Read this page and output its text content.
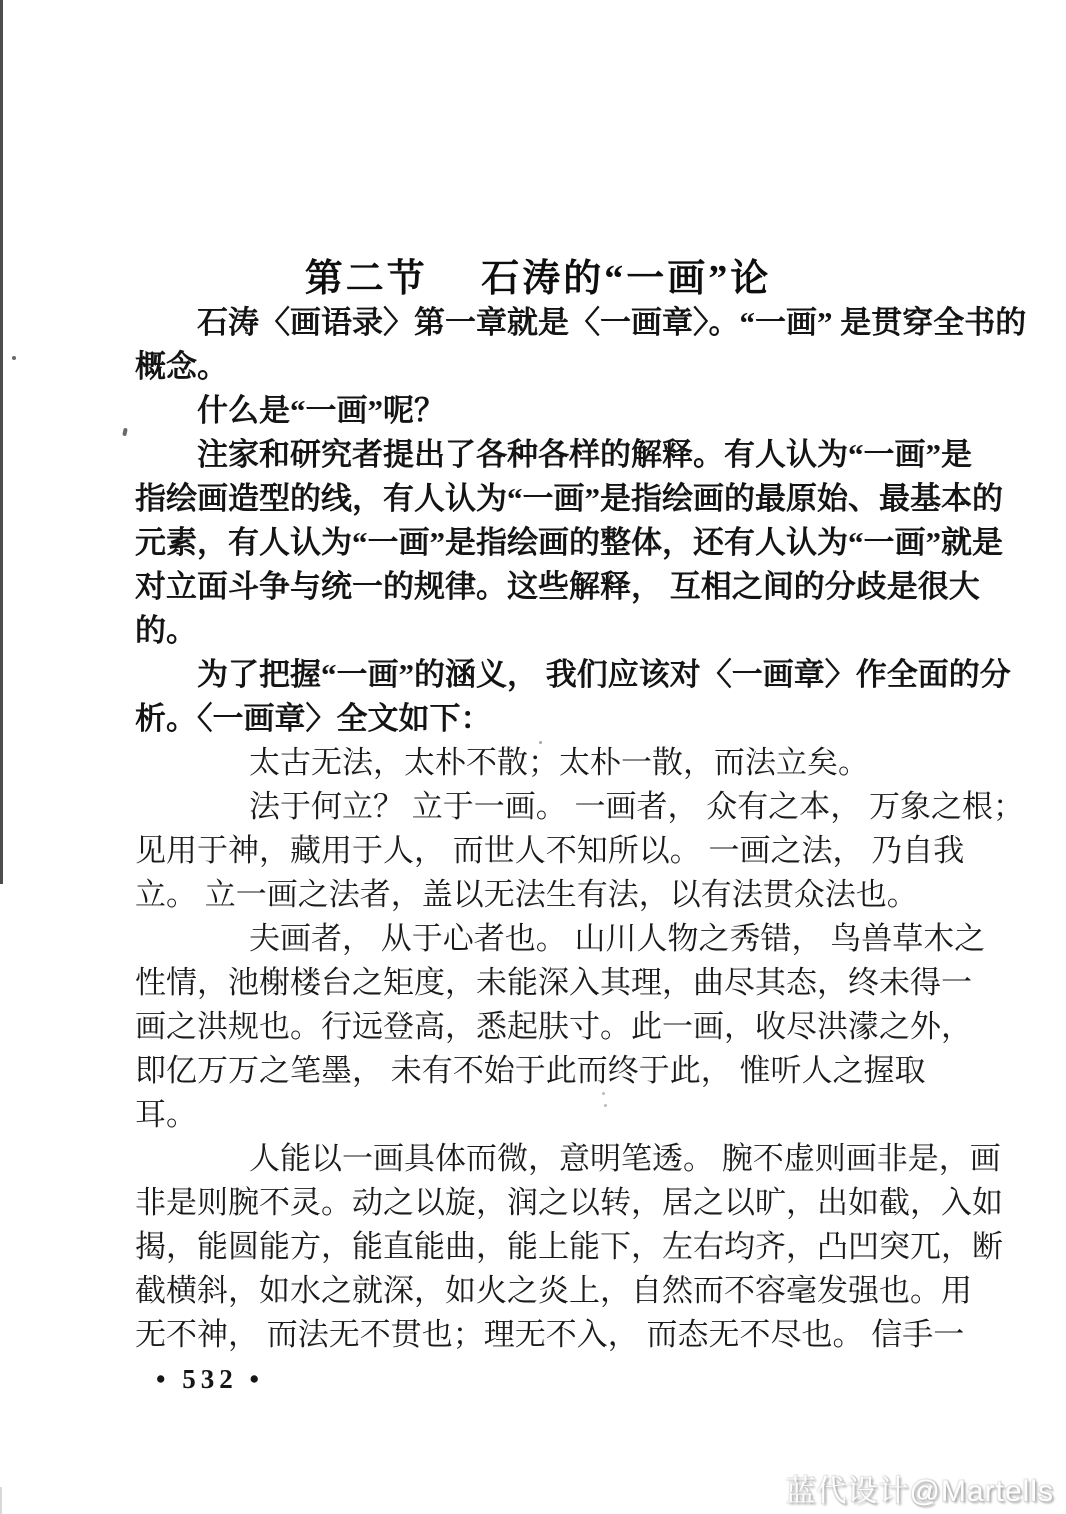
第二节　 石涛的“一画”论
石涛〈画语录〉第一章就是〈一画章〉。“一画” 是贯穿全书的
概念。
什么是“一画”呢？
注家和研究者提出了各种各样的解释。有人认为“一画”是
指绘画造型的线，有人认为“一画”是指绘画的最原始、最基本的
元素，有人认为“一画”是指绘画的整体，还有人认为“一画”就是
对立面斗争与统一的规律。这些解释， 互相之间的分歧是很大
的。
为了把握“一画”的涵义， 我们应该对〈一画章〉作全面的分
析。〈一画章〉全文如下：
太古无法，太朴不散；太朴一散，而法立矣。
法于何立？ 立于一画。 一画者， 众有之本， 万象之根；
见用于神，藏用于人， 而世人不知所以。 一画之法， 乃自我
立。 立一画之法者，盖以无法生有法，以有法贯众法也。
夫画者， 从于心者也。 山川人物之秀错， 鸟兽草木之
性情，池榭楼台之矩度，未能深入其理，曲尽其态，终未得一
画之洪规也。行远登高，悉起肤寸。此一画，收尽洪濛之外，
即亿万万之笔墨， 未有不始于此而终于此， 惟听人之握取
耳。
人能以一画具体而微，意明笔透。 腕不虚则画非是，画
非是则腕不灵。动之以旋，润之以转，居之以旷，出如截，入如
揭，能圆能方，能直能曲，能上能下，左右均齐，凸凹突兀，断
截横斜，如水之就深，如火之炎上，自然而不容毫发强也。用
无不神， 而法无不贯也；理无不入， 而态无不尽也。 信手一
• 532 •
蓝代设计@Martells
